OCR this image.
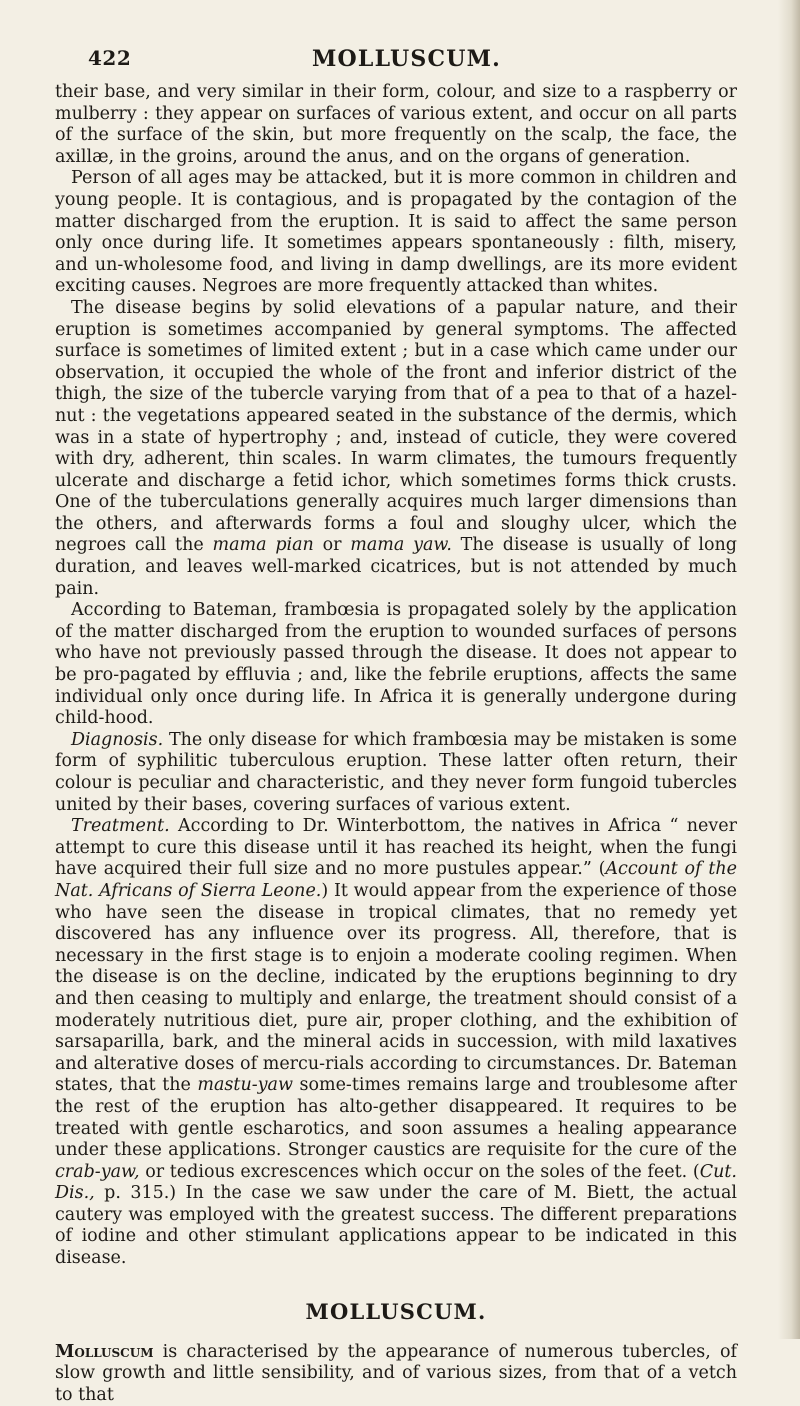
422	MOLLUSCUM.

their base, and very similar in their form, colour, and size to a raspberry or mulberry : they appear on surfaces of various extent, and occur on all parts of the surface of the skin, but more frequently on the scalp, the face, the axillæ, in the groins, around the anus, and on the organs of generation.

Person of all ages may be attacked, but it is more common in children and young people. It is contagious, and is propagated by the contagion of the matter discharged from the eruption. It is said to affect the same person only once during life. It sometimes appears spontaneously : filth, misery, and un-wholesome food, and living in damp dwellings, are its more evident exciting causes. Negroes are more frequently attacked than whites.

The disease begins by solid elevations of a papular nature, and their eruption is sometimes accompanied by general symptoms. The affected surface is sometimes of limited extent ; but in a case which came under our observation, it occupied the whole of the front and inferior district of the thigh, the size of the tubercle varying from that of a pea to that of a hazel-nut : the vegetations appeared seated in the substance of the dermis, which was in a state of hypertrophy ; and, instead of cuticle, they were covered with dry, adherent, thin scales. In warm climates, the tumours frequently ulcerate and discharge a fetid ichor, which sometimes forms thick crusts. One of the tuberculations generally acquires much larger dimensions than the others, and afterwards forms a foul and sloughy ulcer, which the negroes call the mama pian or mama yaw. The disease is usually of long duration, and leaves well-marked cicatrices, but is not attended by much pain.

According to Bateman, frambœsia is propagated solely by the application of the matter discharged from the eruption to wounded surfaces of persons who have not previously passed through the disease. It does not appear to be pro-pagated by effluvia ; and, like the febrile eruptions, affects the same individual only once during life. In Africa it is generally undergone during child-hood.

Diagnosis. The only disease for which frambœsia may be mistaken is some form of syphilitic tuberculous eruption. These latter often return, their colour is peculiar and characteristic, and they never form fungoid tubercles united by their bases, covering surfaces of various extent.

Treatment. According to Dr. Winterbottom, the natives in Africa “ never attempt to cure this disease until it has reached its height, when the fungi have acquired their full size and no more pustules appear.” (Account of the Nat. Africans of Sierra Leone.) It would appear from the experience of those who have seen the disease in tropical climates, that no remedy yet discovered has any influence over its progress. All, therefore, that is necessary in the first stage is to enjoin a moderate cooling regimen. When the disease is on the decline, indicated by the eruptions beginning to dry and then ceasing to multiply and enlarge, the treatment should consist of a moderately nutritious diet, pure air, proper clothing, and the exhibition of sarsaparilla, bark, and the mineral acids in succession, with mild laxatives and alterative doses of mercu-rials according to circumstances. Dr. Bateman states, that the mastu-yaw some-times remains large and troublesome after the rest of the eruption has alto-gether disappeared. It requires to be treated with gentle escharotics, and soon assumes a healing appearance under these applications. Stronger caustics are requisite for the cure of the crab-yaw, or tedious excrescences which occur on the soles of the feet. (Cut. Dis., p. 315.) In the case we saw under the care of M. Biett, the actual cautery was employed with the greatest success. The different preparations of iodine and other stimulant applications appear to be indicated in this disease.

MOLLUSCUM.

Molluscum is characterised by the appearance of numerous tubercles, of slow growth and little sensibility, and of various sizes, from that of a vetch to that
